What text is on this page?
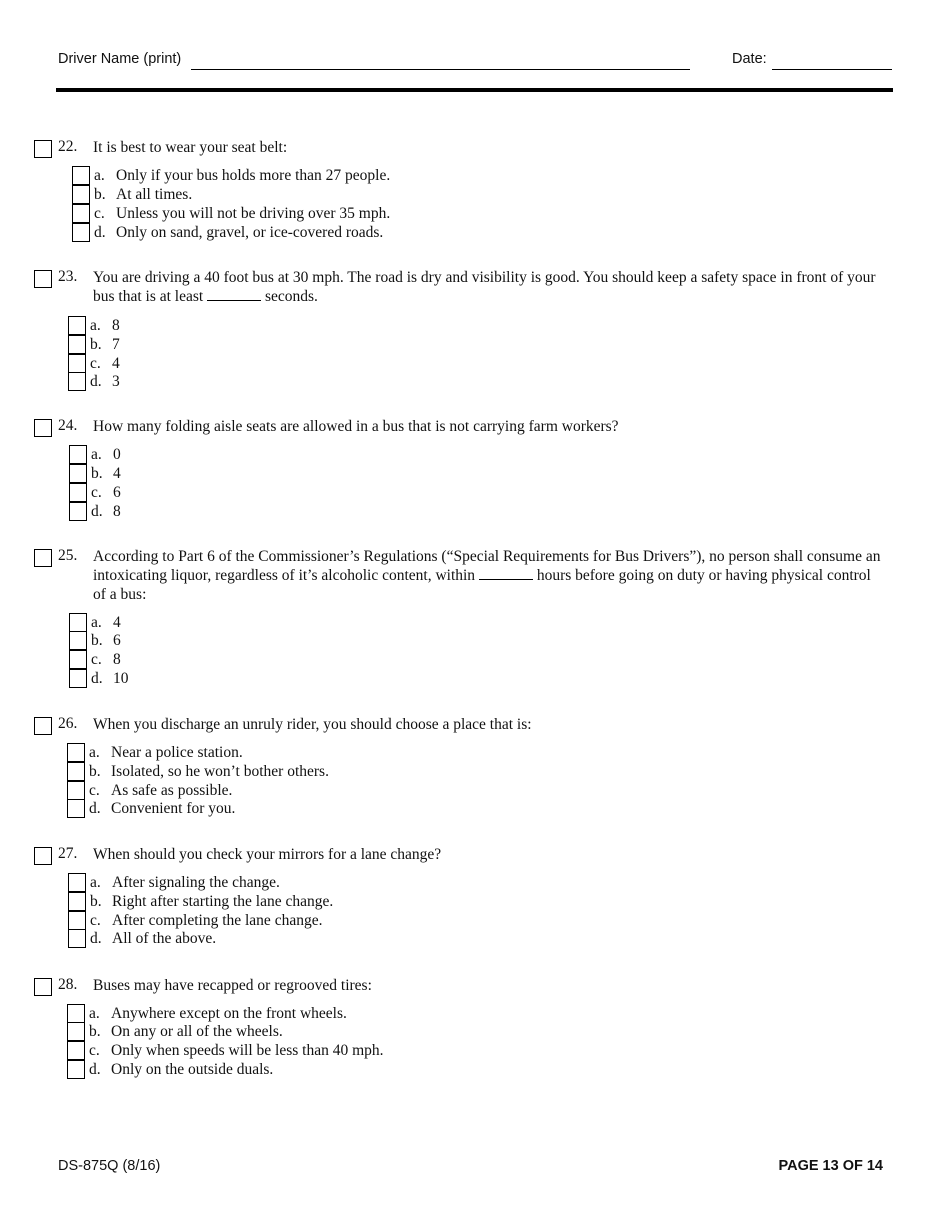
Driver Name (print)	Date:
22. It is best to wear your seat belt:
a. Only if your bus holds more than 27 people.
b. At all times.
c. Unless you will not be driving over 35 mph.
d. Only on sand, gravel, or ice-covered roads.
23. You are driving a 40 foot bus at 30 mph. The road is dry and visibility is good. You should keep a safety space in front of your bus that is at least	seconds.
a. 8
b. 7
c. 4
d. 3
24. How many folding aisle seats are allowed in a bus that is not carrying farm workers?
a. 0
b. 4
c. 6
d. 8
25. According to Part 6 of the Commissioner’s Regulations (“Special Requirements for Bus Drivers”), no person shall consume an intoxicating liquor, regardless of it’s alcoholic content, within	hours before going on duty or having physical control of a bus:
a. 4
b. 6
c. 8
d. 10
26. When you discharge an unruly rider, you should choose a place that is:
a. Near a police station.
b. Isolated, so he won’t bother others.
c. As safe as possible.
d. Convenient for you.
27. When should you check your mirrors for a lane change?
a. After signaling the change.
b. Right after starting the lane change.
c. After completing the lane change.
d. All of the above.
28. Buses may have recapped or regrooved tires:
a. Anywhere except on the front wheels.
b. On any or all of the wheels.
c. Only when speeds will be less than 40 mph.
d. Only on the outside duals.
DS-875Q (8/16)	PAGE 13 OF 14
